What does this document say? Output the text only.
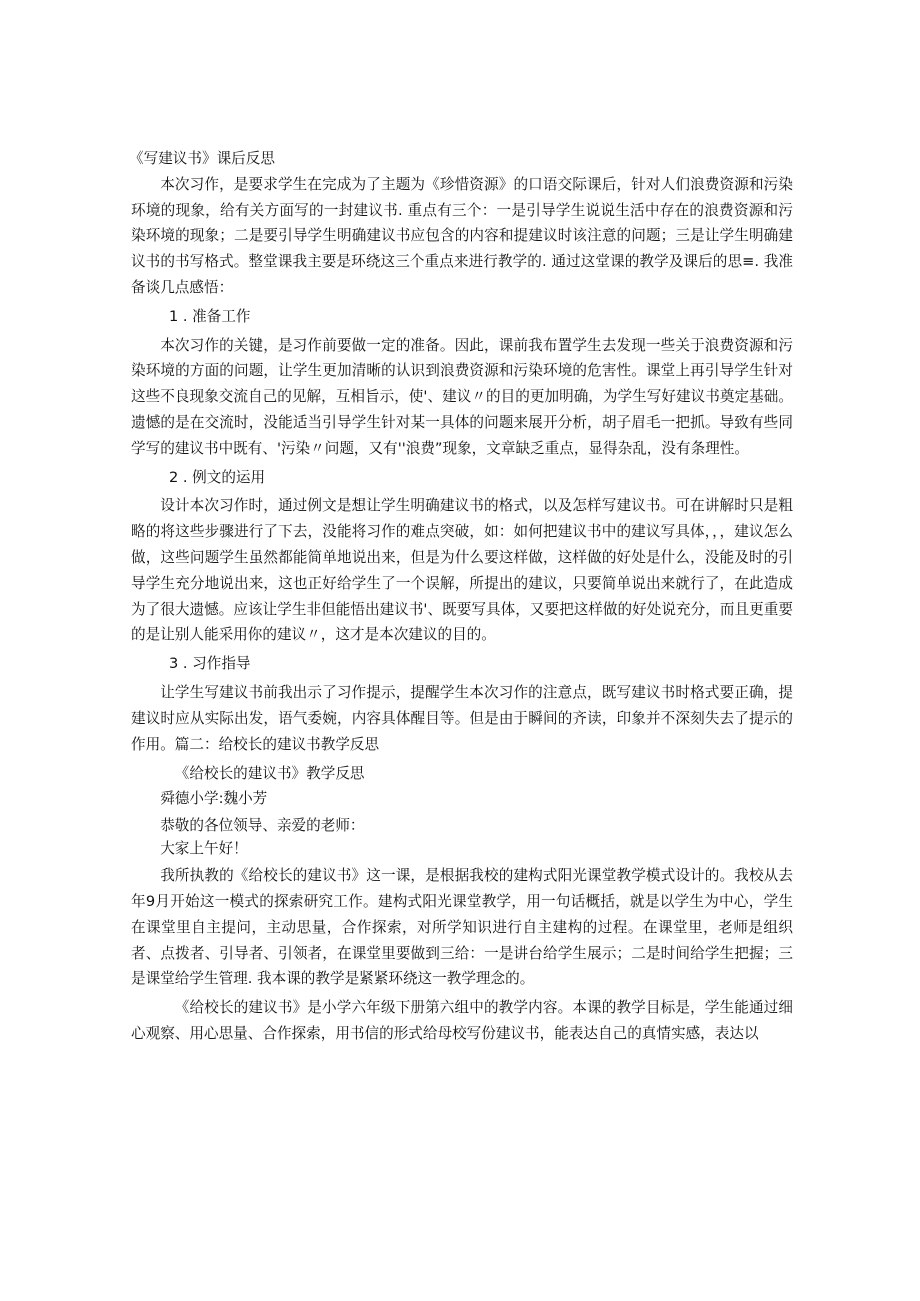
《写建议书》课后反思

本次习作，是要求学生在完成为了主题为《珍惜资源》的口语交际课后，针对人们浪费资源和污染环境的现象，给有关方面写的一封建议书. 重点有三个：一是引导学生说说生活中存在的浪费资源和污染环境的现象；二是要引导学生明确建议书应包含的内容和提建议时该注意的问题；三是让学生明确建议书的书写格式。整堂课我主要是环绕这三个重点来进行教学的. 通过这堂课的教学及课后的思≡. 我准备谈几点感悟：

1 . 准备工作

本次习作的关键，是习作前要做一定的准备。因此，课前我布置学生去发现一些关于浪费资源和污染环境的方面的问题，让学生更加清晰的认识到浪费资源和污染环境的危害性。课堂上再引导学生针对这些不良现象交流自己的见解，互相旨示，使'、建议〃的目的更加明确，为学生写好建议书奠定基础。遗憾的是在交流时，没能适当引导学生针对某一具体的问题来展开分析，胡子眉毛一把抓。导致有些同学写的建议书中既有、'污染〃问题，又有''浪费”现象，文章缺乏重点，显得杂乱，没有条理性。

2 . 例文的运用

设计本次习作时，通过例文是想让学生明确建议书的格式，以及怎样写建议书。可在讲解时只是粗略的将这些步骤进行了下去，没能将习作的难点突破，如：如何把建议书中的建议写具体，，，建议怎么做，这些问题学生虽然都能简单地说出来，但是为什么要这样做，这样做的好处是什么，没能及时的引导学生充分地说出来，这也正好给学生了一个误解，所提出的建议，只要简单说出来就行了，在此造成为了很大遗憾。应该让学生非但能悟出建议书'、既要写具体，又要把这样做的好处说充分，而且更重要的是让别人能采用你的建议〃，这才是本次建议的目的。

3 . 习作指导

让学生写建议书前我出示了习作提示，提醒学生本次习作的注意点，既写建议书时格式要正确，提建议时应从实际出发，语气委婉，内容具体醒目等。但是由于瞬间的齐读，印象并不深刻失去了提示的作用。篇二：给校长的建议书教学反思

《给校长的建议书》教学反思

舜德小学:魏小芳

恭敬的各位领导、亲爱的老师：

大家上午好！

我所执教的《给校长的建议书》这一课，是根据我校的建构式阳光课堂教学模式设计的。我校从去年9月开始这一模式的探索研究工作。建构式阳光课堂教学，用一句话概括，就是以学生为中心，学生在课堂里自主提问，主动思量，合作探索，对所学知识进行自主建构的过程。在课堂里，老师是组织者、点拨者、引导者、引领者，在课堂里要做到三给：一是讲台给学生展示；二是时间给学生把握；三是课堂给学生管理. 我本课的教学是紧紧环绕这一教学理念的。

《给校长的建议书》是小学六年级下册第六组中的教学内容。本课的教学目标是，学生能通过细心观察、用心思量、合作探索，用书信的形式给母校写份建议书，能表达自己的真情实感，表达以
